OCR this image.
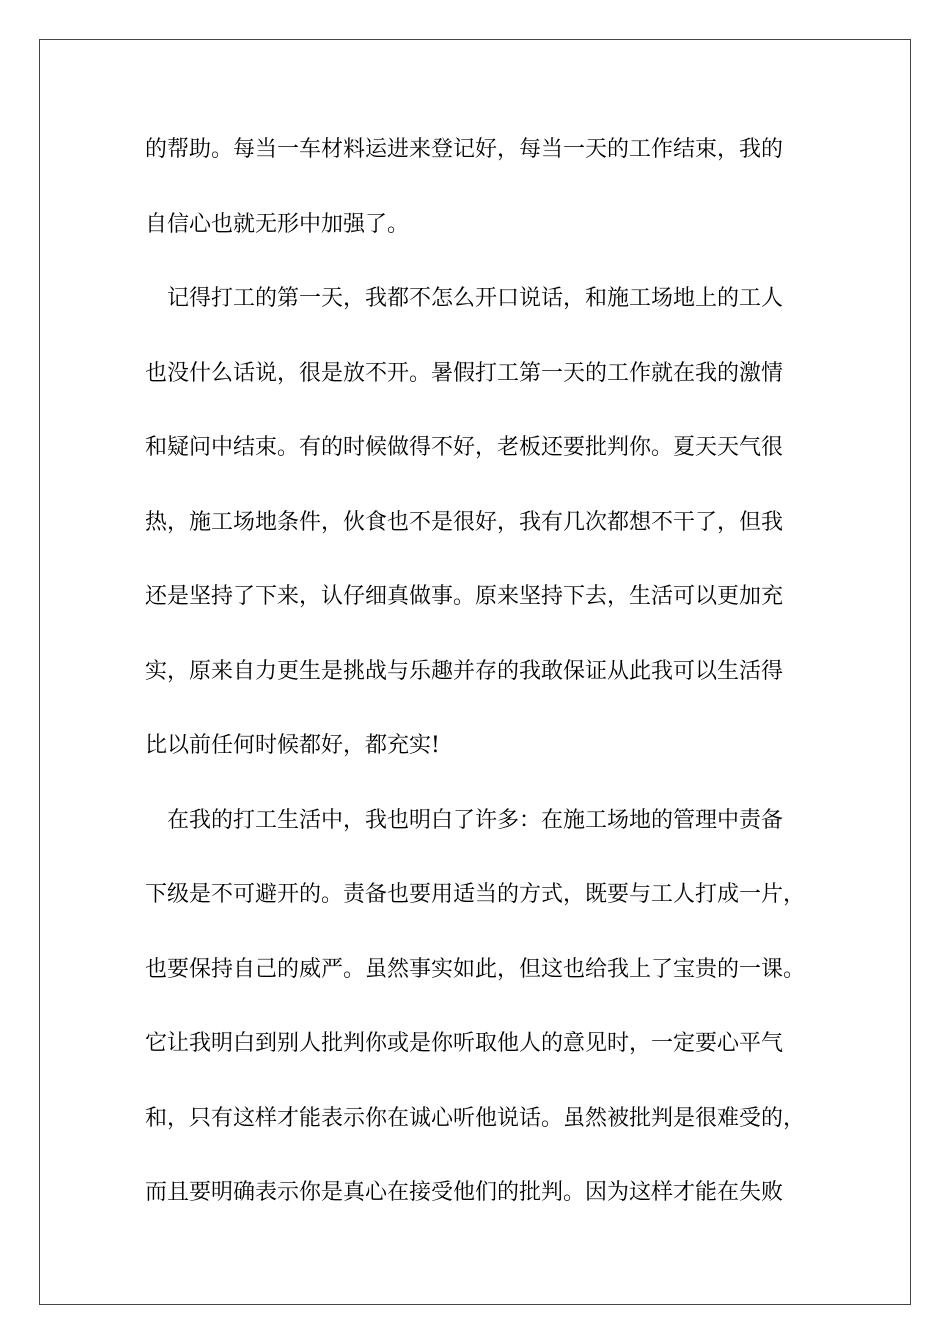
的帮助。每当一车材料运进来登记好，每当一天的工作结束，我的
自信心也就无形中加强了。
记得打工的第一天，我都不怎么开口说话，和施工场地上的工人
也没什么话说，很是放不开。暑假打工第一天的工作就在我的激情
和疑问中结束。有的时候做得不好，老板还要批判你。夏天天气很
热，施工场地条件，伙食也不是很好，我有几次都想不干了，但我
还是坚持了下来，认仔细真做事。原来坚持下去，生活可以更加充
实，原来自力更生是挑战与乐趣并存的我敢保证从此我可以生活得
比以前任何时候都好，都充实!
在我的打工生活中，我也明白了许多：在施工场地的管理中责备
下级是不可避开的。责备也要用适当的方式，既要与工人打成一片，
也要保持自己的威严。虽然事实如此，但这也给我上了宝贵的一课。
它让我明白到别人批判你或是你听取他人的意见时，一定要心平气
和，只有这样才能表示你在诚心听他说话。虽然被批判是很难受的，
而且要明确表示你是真心在接受他们的批判。因为这样才能在失败
